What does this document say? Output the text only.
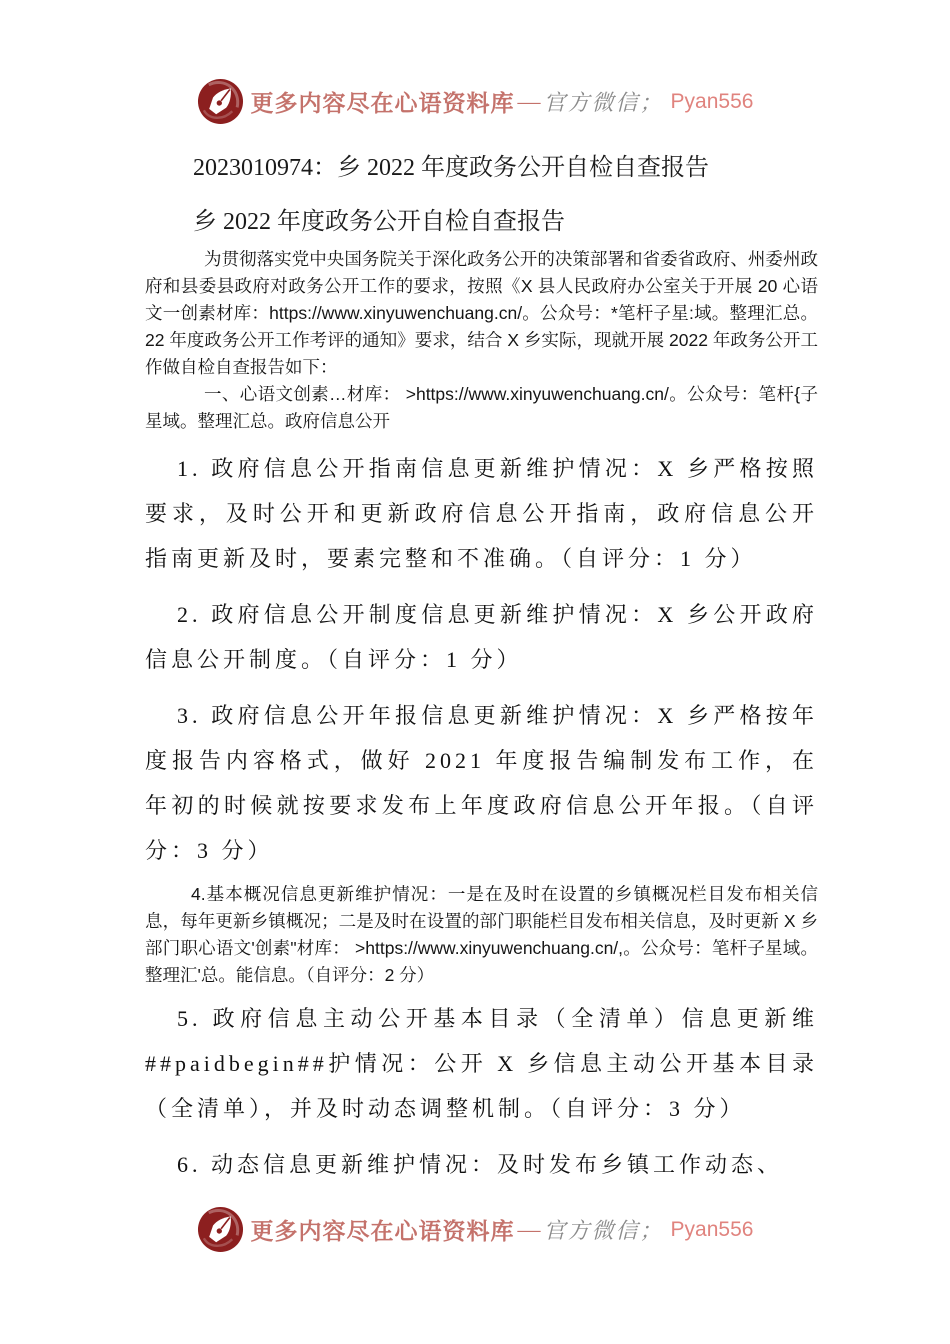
更多内容尽在心语资料库 — 官方微信； Pyan556
2023010974：乡 2022 年度政务公开自检自查报告
乡 2022 年度政务公开自检自查报告

为贯彻落实党中央国务院关于深化政务公开的决策部署和省委省政府、州委州政府和县委县政府对政务公开工作的要求，按照《X 县人民政府办公室关于开展 20 心语文一创素材库：https://www.xinyuwenchuang.cn/。公众号：*笔杆子星:域。整理汇总。22 年度政务公开工作考评的通知》要求，结合 X 乡实际，现就开展 2022 年政务公开工作做自检自查报告如下：

一、心语文创素…材库： >https://www.xinyuwenchuang.cn/。公众号：笔杆{子星域。整理汇总。政府信息公开

1. 政府信息公开指南信息更新维护情况：X 乡严格按照要求，及时公开和更新政府信息公开指南，政府信息公开指南更新及时，要素完整和不准确。（自评分：1 分）

2. 政府信息公开制度信息更新维护情况：X 乡公开政府信息公开制度。（自评分：1 分）

3. 政府信息公开年报信息更新维护情况：X 乡严格按年度报告内容格式，做好 2021 年度报告编制发布工作，在年初的时候就按要求发布上年度政府信息公开年报。（自评分：3 分）

4.基本概况信息更新维护情况：一是在及时在设置的乡镇概况栏目发布相关信息，每年更新乡镇概况；二是及时在设置的部门职能栏目发布相关信息，及时更新 X 乡部门职心语文'创素"材库： >https://www.xinyuwenchuang.cn/,。公众号：笔杆子星域。整理汇'总。能信息。（自评分：2 分）

5. 政府信息主动公开基本目录（全清单）信息更新维##paidbegin##护情况：公开 X 乡信息主动公开基本目录（全清单），并及时动态调整机制。（自评分：3 分）

6. 动态信息更新维护情况：及时发布乡镇工作动态、

更多内容尽在心语资料库 — 官方微信； Pyan556
